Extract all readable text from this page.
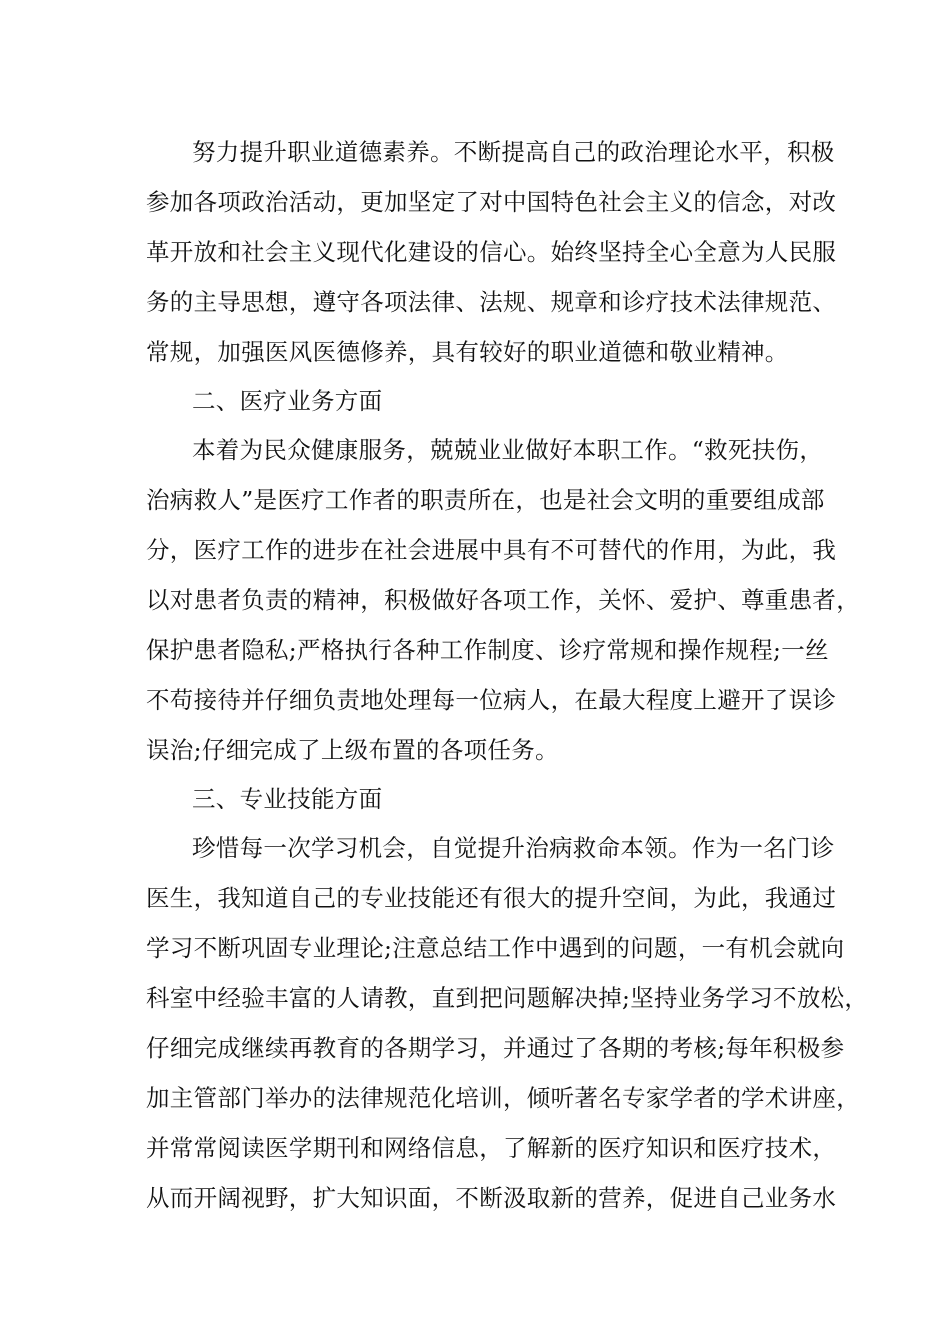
努力提升职业道德素养。不断提高自己的政治理论水平，积极
参加各项政治活动，更加坚定了对中国特色社会主义的信念，对改
革开放和社会主义现代化建设的信心。始终坚持全心全意为人民服
务的主导思想，遵守各项法律、法规、规章和诊疗技术法律规范、
常规，加强医风医德修养，具有较好的职业道德和敬业精神。
二、医疗业务方面
本着为民众健康服务，兢兢业业做好本职工作。“救死扶伤，
治病救人”是医疗工作者的职责所在，也是社会文明的重要组成部
分，医疗工作的进步在社会进展中具有不可替代的作用，为此，我
以对患者负责的精神，积极做好各项工作，关怀、爱护、尊重患者，
保护患者隐私;严格执行各种工作制度、诊疗常规和操作规程;一丝
不苟接待并仔细负责地处理每一位病人，在最大程度上避开了误诊
误治;仔细完成了上级布置的各项任务。
三、专业技能方面
珍惜每一次学习机会，自觉提升治病救命本领。作为一名门诊
医生，我知道自己的专业技能还有很大的提升空间，为此，我通过
学习不断巩固专业理论;注意总结工作中遇到的问题，一有机会就向
科室中经验丰富的人请教，直到把问题解决掉;坚持业务学习不放松，
仔细完成继续再教育的各期学习，并通过了各期的考核;每年积极参
加主管部门举办的法律规范化培训，倾听著名专家学者的学术讲座，
并常常阅读医学期刊和网络信息，了解新的医疗知识和医疗技术，
从而开阔视野，扩大知识面，不断汲取新的营养，促进自己业务水
